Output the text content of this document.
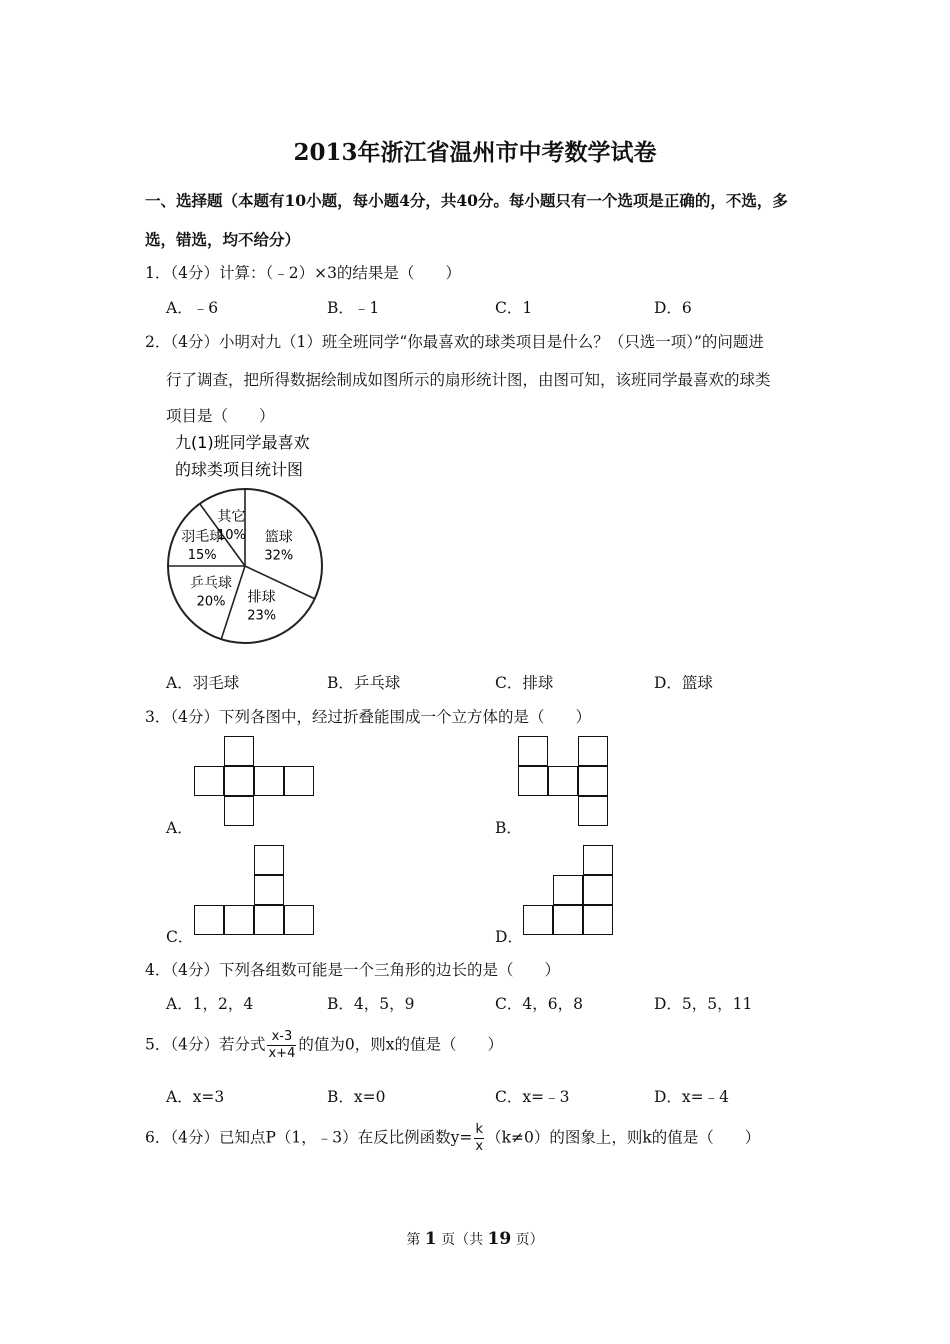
2013年浙江省温州市中考数学试卷
一、选择题（本题有10小题，每小题4分，共40分。每小题只有一个选项是正确的，不选，多
选，错选，均不给分）
1．（4分）计算：（﹣2）×3的结果是（　　）
A．﹣6	B．﹣1	C．1	D．6
2．（4分）小明对九（1）班全班同学“你最喜欢的球类项目是什么？（只选一项）”的问题进
行了调查，把所得数据绘制成如图所示的扇形统计图，由图可知，该班同学最喜欢的球类
项目是（　　）
九(1)班同学最喜欢
的球类项目统计图
篮球
32%
排球
23%
乒乓球
20%
羽毛球
15%
其它
10%
A．羽毛球	B．乒乓球	C．排球	D．篮球
3．（4分）下列各图中，经过折叠能围成一个立方体的是（　　）
A．	B．
C．	D．
4．（4分）下列各组数可能是一个三角形的边长的是（　　）
A．1，2，4	B．4，5，9	C．4，6，8	D．5，5，11
5．（4分）若分式 $\frac{x-3}{x+4}$ 的值为0，则x的值是（　　）
A．x=3	B．x=0	C．x=﹣3	D．x=﹣4
6．（4分）已知点P（1，﹣3）在反比例函数$y= \frac{k}{x} (k\ne 0)$的图象上，则k的值是（　　）
第 1 页（共 19 页）
